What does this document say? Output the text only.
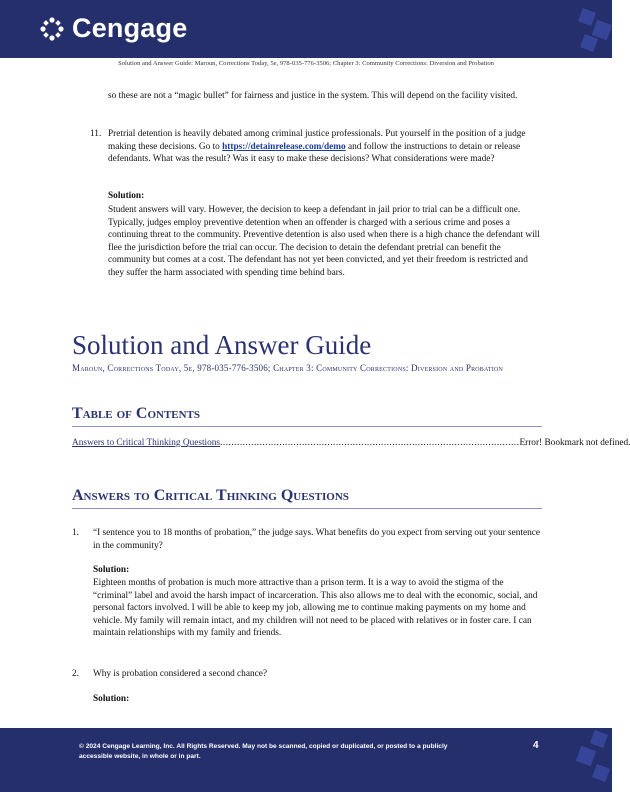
Cengage
Solution and Answer Guide: Maroun, Corrections Today, 5e, 978-035-776-3506; Chapter 3: Community Corrections: Diversion and Probation

so these are not a “magic bullet” for fairness and justice in the system. This will depend on the facility visited.

11. Pretrial detention is heavily debated among criminal justice professionals. Put yourself in the position of a judge making these decisions. Go to https://detainrelease.com/demo and follow the instructions to detain or release defendants. What was the result? Was it easy to make these decisions? What considerations were made?

Solution:

Student answers will vary. However, the decision to keep a defendant in jail prior to trial can be a difficult one. Typically, judges employ preventive detention when an offender is charged with a serious crime and poses a continuing threat to the community. Preventive detention is also used when there is a high chance the defendant will flee the jurisdiction before the trial can occur. The decision to detain the defendant pretrial can benefit the community but comes at a cost. The defendant has not yet been convicted, and yet their freedom is restricted and they suffer the harm associated with spending time behind bars.

Solution and Answer Guide
Maroun, Corrections Today, 5e, 978-035-776-3506; Chapter 3: Community Corrections: Diversion and Probation
Table of Contents
Answers to Critical Thinking Questions .......................................................................................................... Error! Bookmark not defined.
Answers to Critical Thinking Questions
1. “I sentence you to 18 months of probation,” the judge says. What benefits do you expect from serving out your sentence in the community?

Solution:

Eighteen months of probation is much more attractive than a prison term. It is a way to avoid the stigma of the “criminal” label and avoid the harsh impact of incarceration. This also allows me to deal with the economic, social, and personal factors involved. I will be able to keep my job, allowing me to continue making payments on my home and vehicle. My family will remain intact, and my children will not need to be placed with relatives or in foster care. I can maintain relationships with my family and friends.

2. Why is probation considered a second chance?

Solution:
© 2024 Cengage Learning, Inc. All Rights Reserved. May not be scanned, copied or duplicated, or posted to a publicly accessible website, in whole or in part.
4
